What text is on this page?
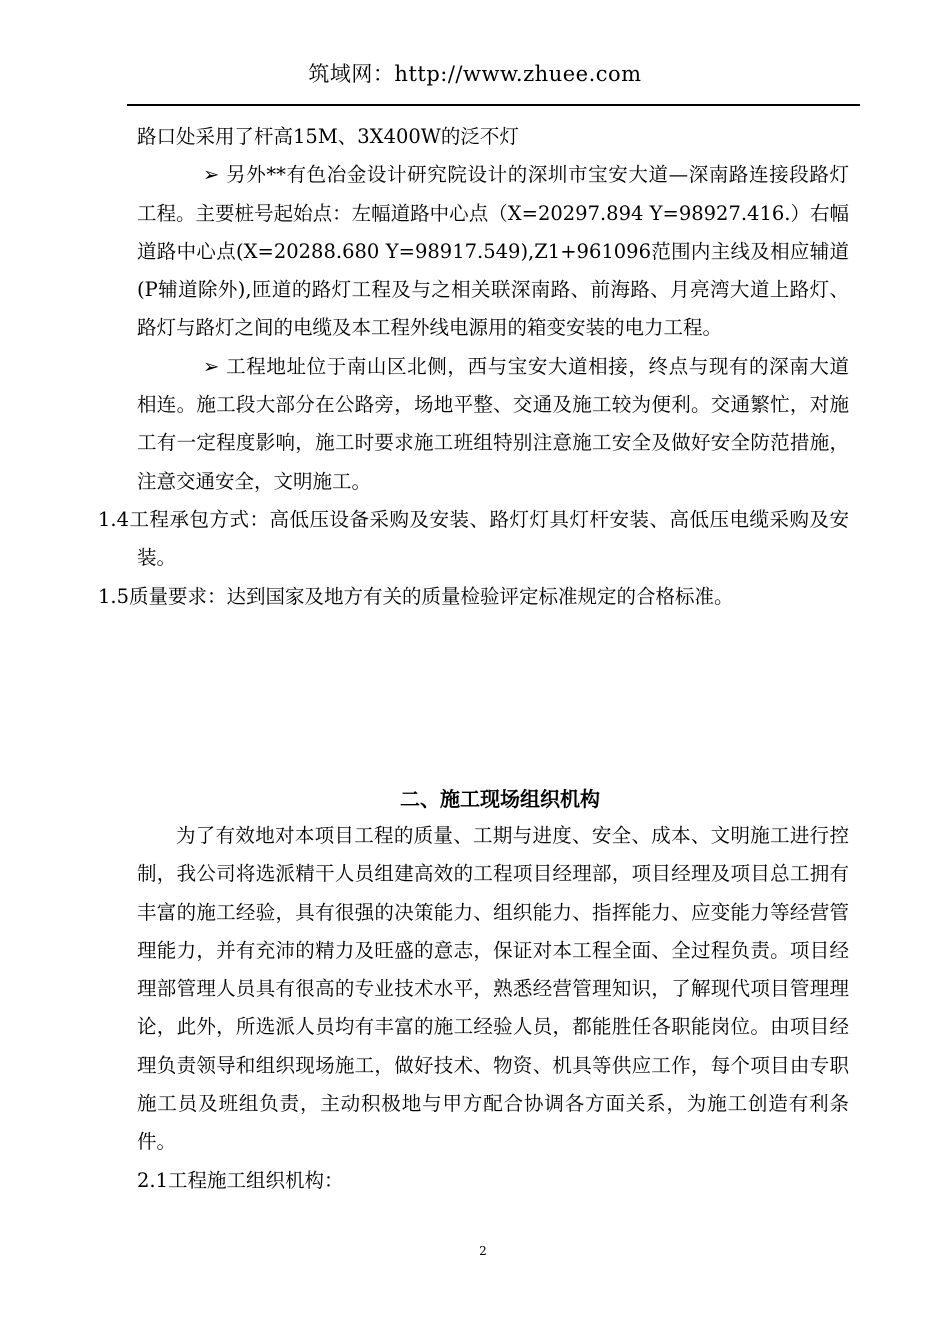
筑域网：http://www.zhuee.com

路口处采用了杆高15M、3X400W的泛不灯

➢ 另外**有色冶金设计研究院设计的深圳市宝安大道—深南路连接段路灯工程。主要桩号起始点：左幅道路中心点（X=20297.894 Y=98927.416.）右幅道路中心点(X=20288.680 Y=98917.549),Z1+961096范围内主线及相应辅道(P辅道除外),匝道的路灯工程及与之相关联深南路、前海路、月亮湾大道上路灯、路灯与路灯之间的电缆及本工程外线电源用的箱变安装的电力工程。

➢ 工程地址位于南山区北侧，西与宝安大道相接，终点与现有的深南大道相连。施工段大部分在公路旁，场地平整、交通及施工较为便利。交通繁忙，对施工有一定程度影响，施工时要求施工班组特别注意施工安全及做好安全防范措施，注意交通安全，文明施工。

1.4工程承包方式：高低压设备采购及安装、路灯灯具灯杆安装、高低压电缆采购及安装。

1.5质量要求：达到国家及地方有关的质量检验评定标准规定的合格标准。

二、施工现场组织机构

为了有效地对本项目工程的质量、工期与进度、安全、成本、文明施工进行控制，我公司将选派精干人员组建高效的工程项目经理部，项目经理及项目总工拥有丰富的施工经验，具有很强的决策能力、组织能力、指挥能力、应变能力等经营管理能力，并有充沛的精力及旺盛的意志，保证对本工程全面、全过程负责。项目经理部管理人员具有很高的专业技术水平，熟悉经营管理知识，了解现代项目管理理论，此外，所选派人员均有丰富的施工经验人员，都能胜任各职能岗位。由项目经理负责领导和组织现场施工，做好技术、物资、机具等供应工作，每个项目由专职施工员及班组负责，主动积极地与甲方配合协调各方面关系，为施工创造有利条件。

2.1工程施工组织机构：

2
